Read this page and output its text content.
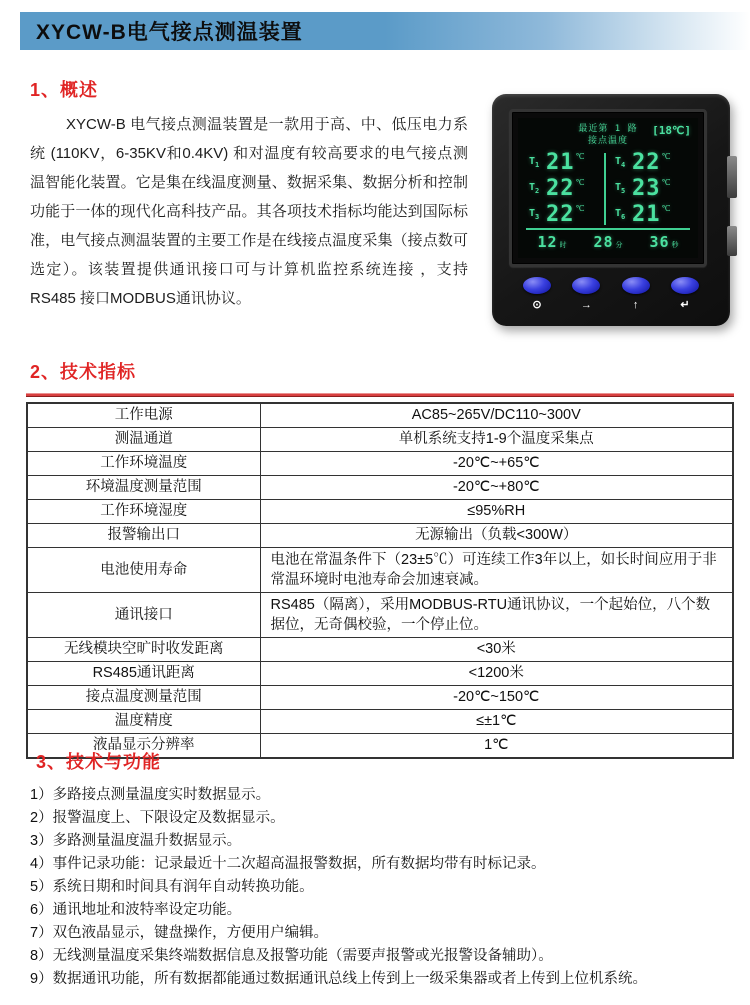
XYCW-B电气接点测温装置
1、概述

XYCW-B 电气接点测温装置是一款用于高、中、低压电力系统 (110KV，6-35KV和0.4KV) 和对温度有较高要求的电气接点测温智能化装置。它是集在线温度测量、数据采集、数据分析和控制功能于一体的现代化高科技产品。其各项技术指标均能达到国际标准，电气接点测温装置的主要工作是在线接点温度采集（接点数可选定）。该装置提供通讯接口可与计算机监控系统连接 ，支持 RS485 接口MODBUS通讯协议。

最近第 1 路
接点温度
[18℃]
$T_1$ 21 ℃	$T_4$ 22 ℃
$T_2$ 22 ℃	$T_5$ 23 ℃
$T_3$ 22 ℃	$T_6$ 21 ℃
12 时 28 分 36 秒
⊙	→	↑	↵
2、技术指标
工作电源	AC85~265V/DC110~300V
测温通道	单机系统支持1-9个温度采集点
工作环境温度	-20℃~+65℃
环境温度测量范围	-20℃~+80℃
工作环境湿度	≤95%RH
报警输出口	无源输出（负载<300W）
电池使用寿命	电池在常温条件下（23±5℃）可连续工作3年以上，如长时间应用于非常温环境时电池寿命会加速衰减。
通讯接口	RS485（隔离），采用MODBUS-RTU通讯协议，一个起始位，八个数据位，无奇偶校验，一个停止位。
无线模块空旷时收发距离	<30米
RS485通讯距离	<1200米
接点温度测量范围	-20℃~150℃
温度精度	≤±1℃
液晶显示分辨率	1℃
3、技术与功能
1）多路接点测量温度实时数据显示。
2）报警温度上、下限设定及数据显示。
3）多路测量温度温升数据显示。
4）事件记录功能：记录最近十二次超高温报警数据，所有数据均带有时标记录。
5）系统日期和时间具有润年自动转换功能。
6）通讯地址和波特率设定功能。
7）双色液晶显示，键盘操作，方便用户编辑。
8）无线测量温度采集终端数据信息及报警功能（需要声报警或光报警设备辅助）。
9）数据通讯功能，所有数据都能通过数据通讯总线上传到上一级采集器或者上传到上位机系统。
